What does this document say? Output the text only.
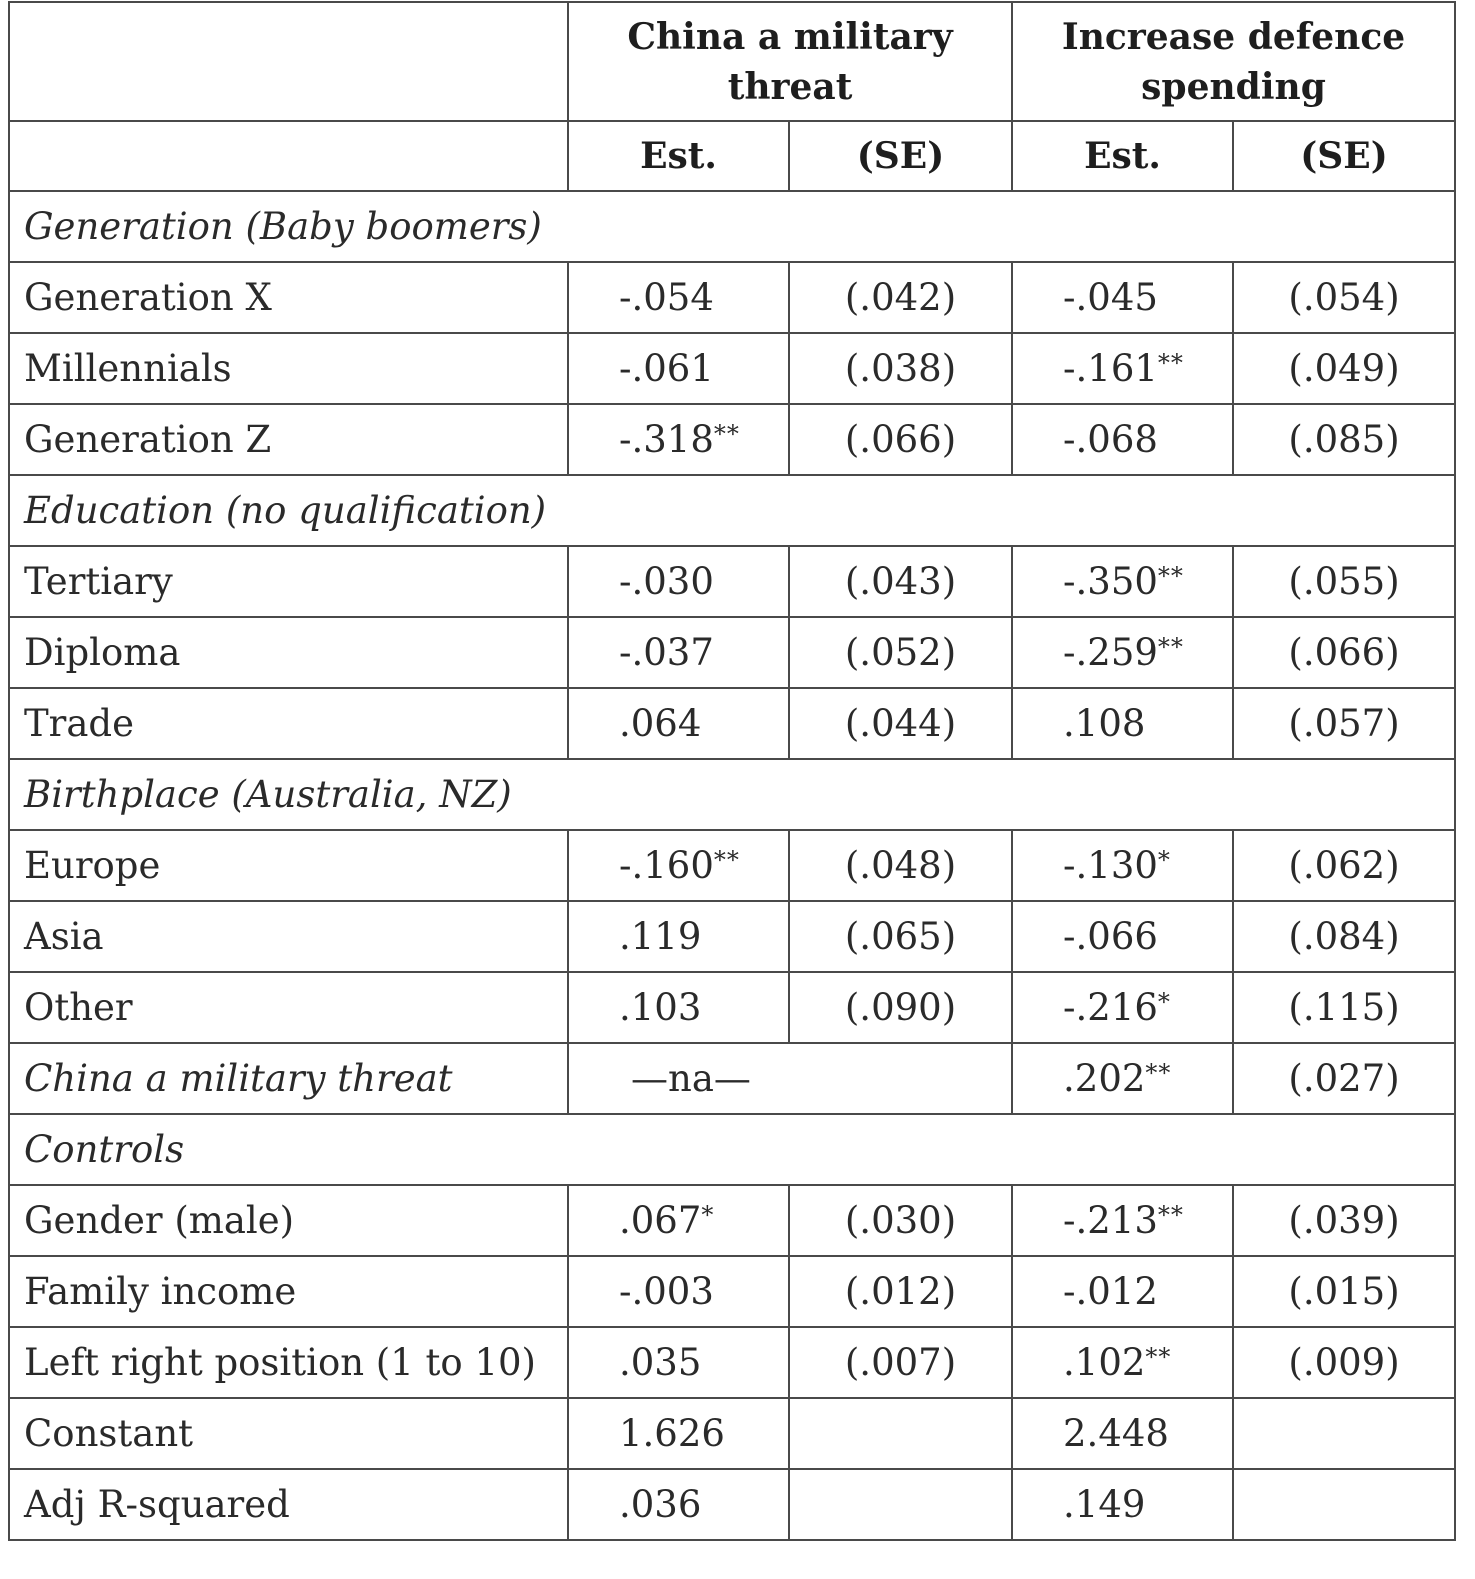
	China a military threat		Increase defence spending	
	Est.	(SE)	Est.	(SE)
Generation (Baby boomers)				
Generation X	-.054	(.042)	-.045	(.054)
Millennials	-.061	(.038)	-.161**	(.049)
Generation Z	-.318**	(.066)	-.068	(.085)
Education (no qualification)				
Tertiary	-.030	(.043)	-.350**	(.055)
Diploma	-.037	(.052)	-.259**	(.066)
Trade	.064	(.044)	.108	(.057)
Birthplace (Australia, NZ)				
Europe	-.160**	(.048)	-.130*	(.062)
Asia	.119	(.065)	-.066	(.084)
Other	.103	(.090)	-.216*	(.115)
China a military threat	—na—		.202**	(.027)
Controls				
Gender (male)	.067*	(.030)	-.213**	(.039)
Family income	-.003	(.012)	-.012	(.015)
Left right position (1 to 10)	.035	(.007)	.102**	(.009)
Constant	1.626		2.448	
Adj R-squared	.036		.149	
